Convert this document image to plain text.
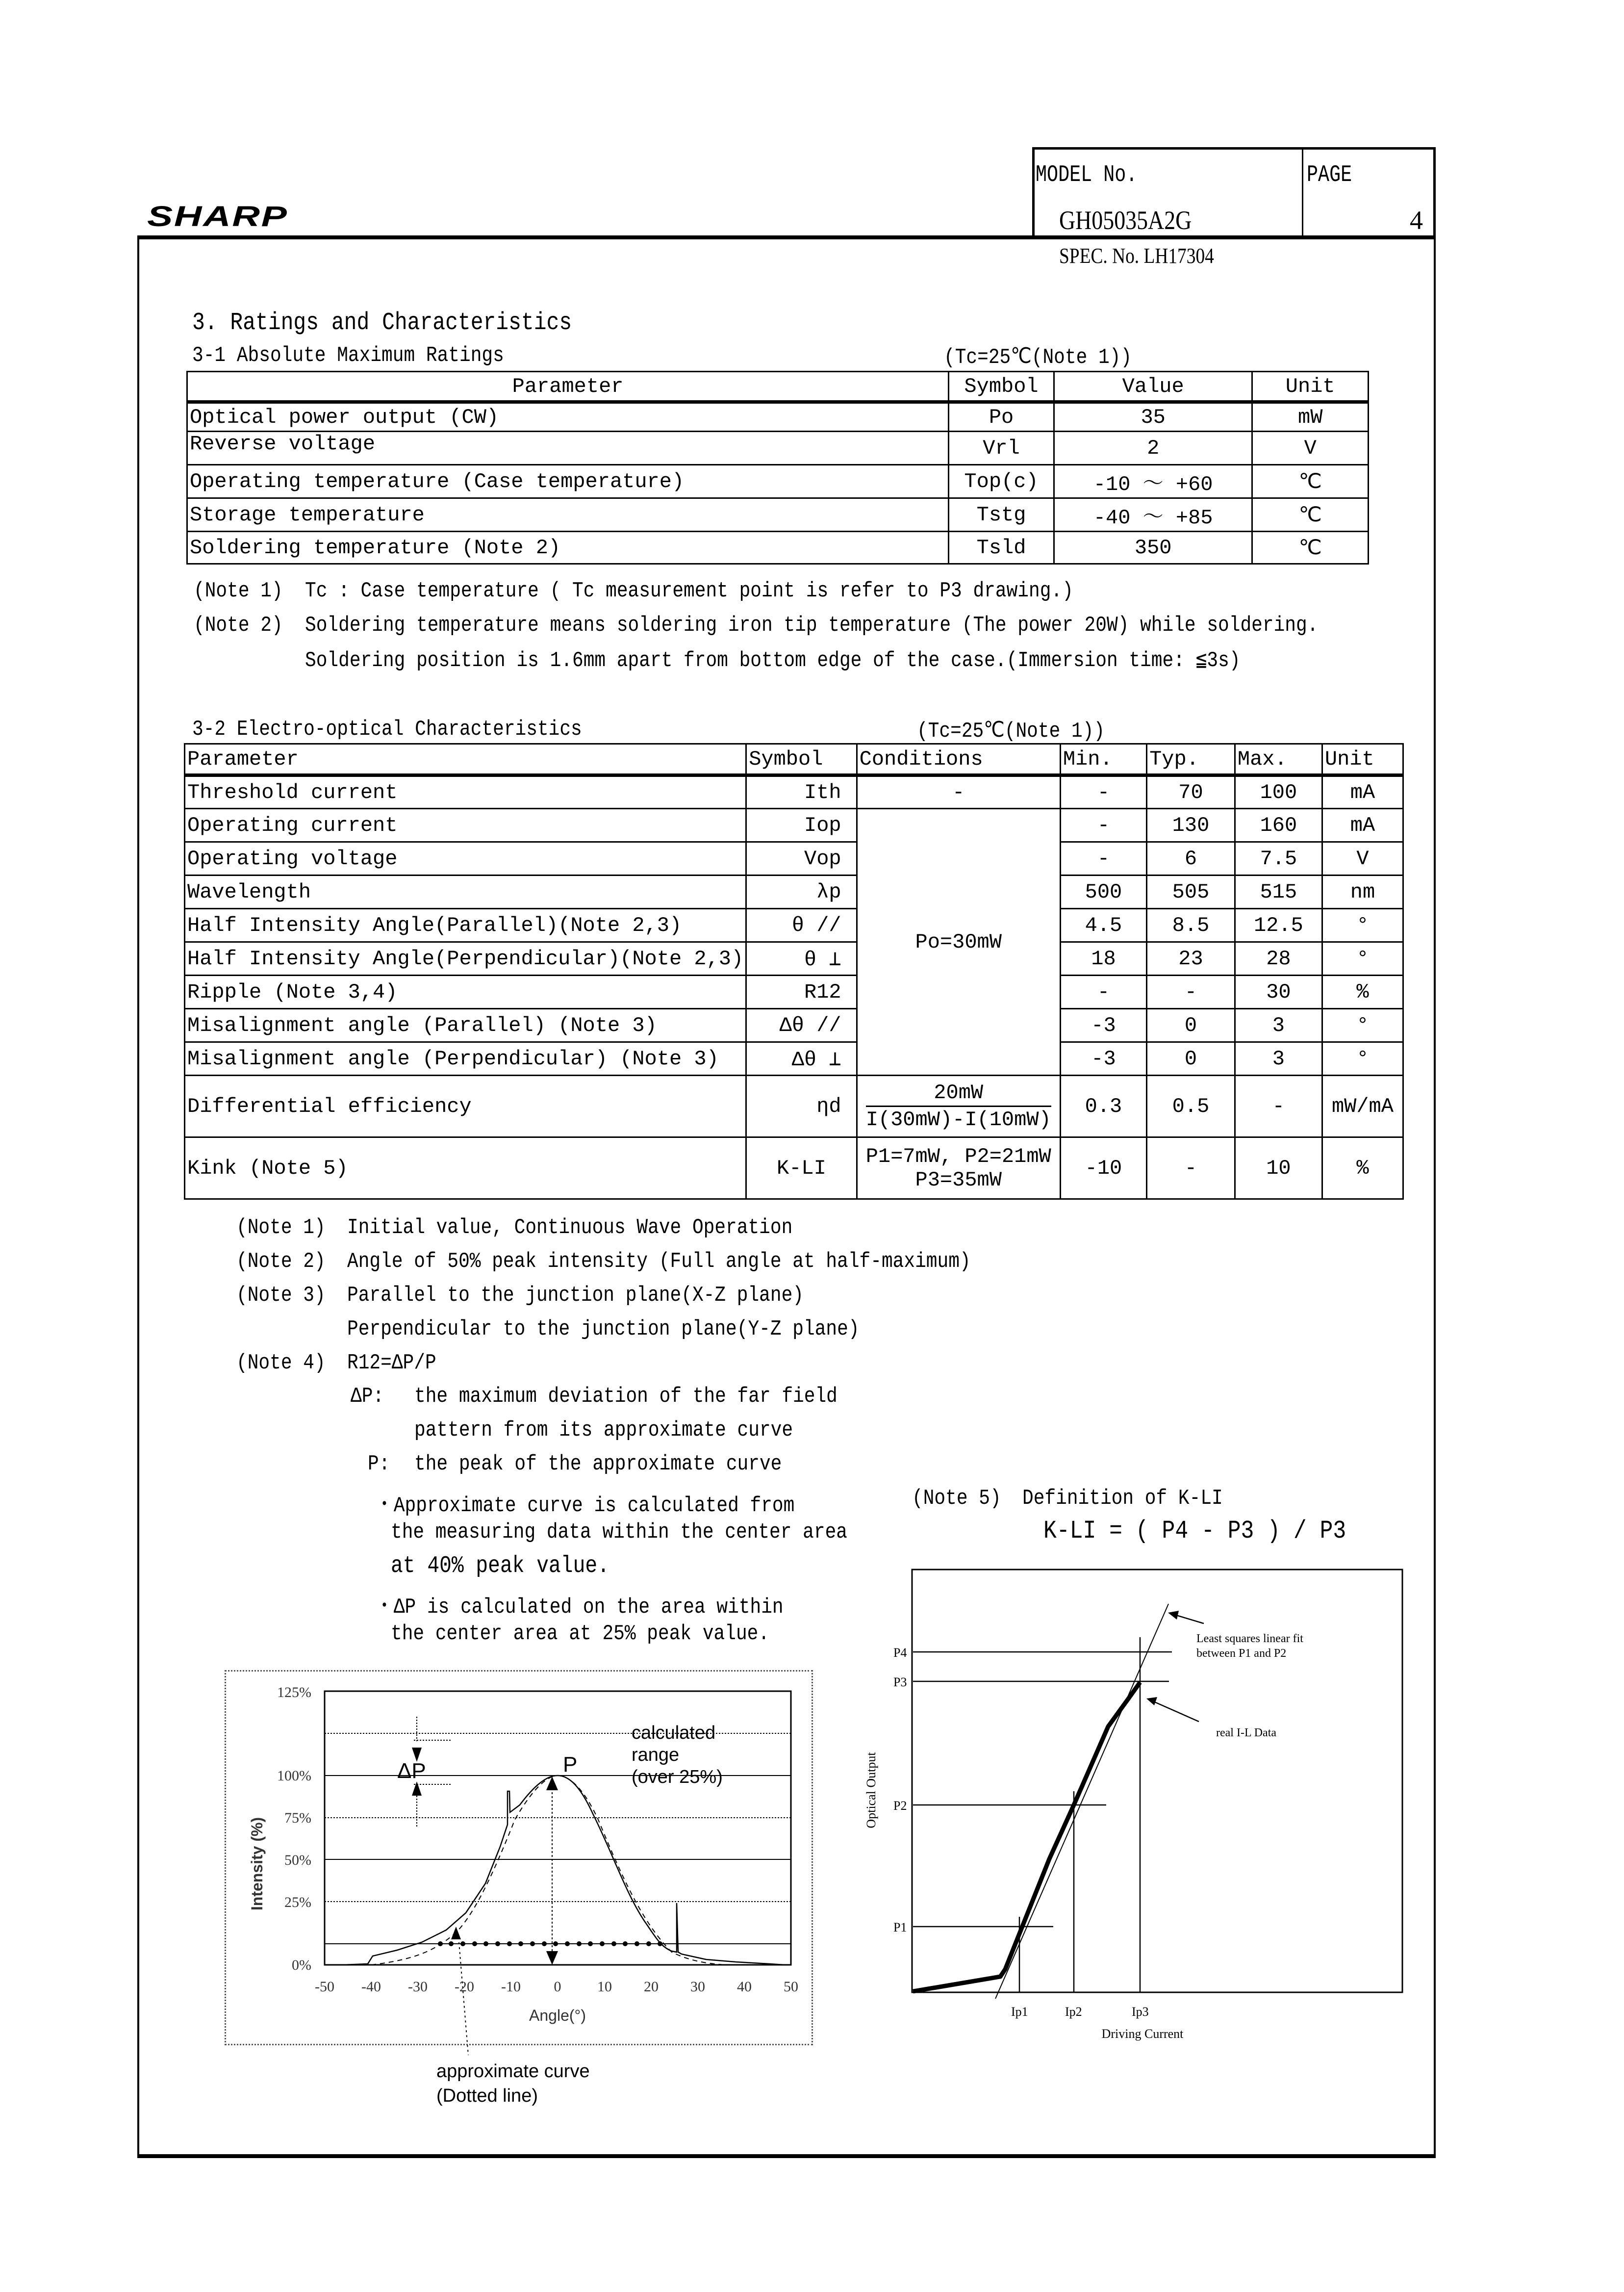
SHARP
MODEL No.	PAGE
GH05035A2G	4
SPEC. No. LH17304
3. Ratings and Characteristics
3-1 Absolute Maximum Ratings	(Tc=25℃(Note 1))
Parameter	Symbol	Value	Unit
Optical power output (CW)	Po	35	mW
Reverse voltage	Vrl	2	V
Operating temperature (Case temperature)	Top(c)	-10 〜 +60	℃
Storage temperature	Tstg	-40 〜 +85	℃
Soldering temperature (Note 2)	Tsld	350	℃
(Note 1) Tc : Case temperature ( Tc measurement point is refer to P3 drawing.)
(Note 2) Soldering temperature means soldering iron tip temperature (The power 20W) while soldering.
Soldering position is 1.6mm apart from bottom edge of the case.(Immersion time: ≦3s)
3-2 Electro-optical Characteristics	(Tc=25℃(Note 1))
Parameter	Symbol	Conditions	Min.	Typ.	Max.	Unit
Threshold current	Ith	-	-	70	100	mA
Operating current	Iop	Po=30mW	-	130	160	mA
Operating voltage	Vop		-	6	7.5	V
Wavelength	λp		500	505	515	nm
Half Intensity Angle(Parallel)(Note 2,3)	θ //		4.5	8.5	12.5	°
Half Intensity Angle(Perpendicular)(Note 2,3)	θ ⊥		18	23	28	°
Ripple (Note 3,4)	R12		-	-	30	%
Misalignment angle (Parallel) (Note 3)	Δθ //		-3	0	3	°
Misalignment angle (Perpendicular) (Note 3)	Δθ ⊥		-3	0	3	°
Differential efficiency	ηd	$\frac{20mW}{I(30mW)-I(10mW)}$	0.3	0.5	-	mW/mA
Kink (Note 5)	K-LI	P1=7mW, P2=21mW
P3=35mW	-10	-	10	%
(Note 1) Initial value, Continuous Wave Operation
(Note 2) Angle of 50% peak intensity (Full angle at half-maximum)
(Note 3) Parallel to the junction plane(X-Z plane)
Perpendicular to the junction plane(Y-Z plane)
(Note 4) R12=ΔP/P
ΔP: the maximum deviation of the far field
pattern from its approximate curve
P: the peak of the approximate curve
・Approximate curve is calculated from
the measuring data within the center area
at 40% peak value.
・ΔP is calculated on the area within
the center area at 25% peak value.
(Note 5) Definition of K-LI
K-LI = ( P4 - P3 ) / P3
125%
100%
75%
50%
25%
0%
-50 -40 -30 -20 -10 0 10 20 30 40 50
Angle(°)
Intensity (%)
P
ΔP
calculated
range
(over 25%)
approximate curve
(Dotted line)
P4
P3
P2
P1
Ip1	Ip2	Ip3
Driving Current
Optical Output
Least squares linear fit
between P1 and P2
real I-L Data
